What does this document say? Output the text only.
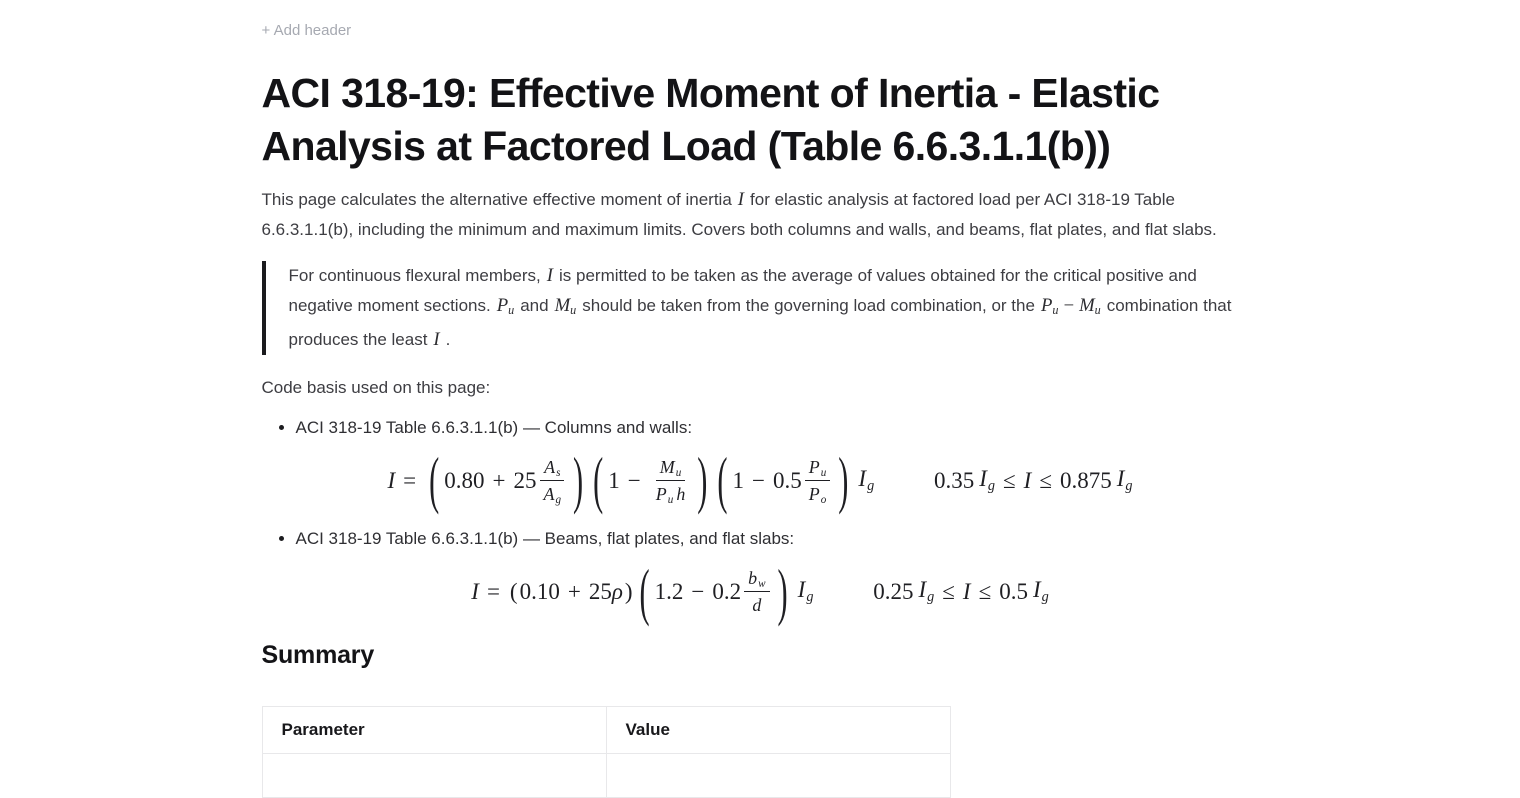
+ Add header
ACI 318-19: Effective Moment of Inertia - Elastic Analysis at Factored Load (Table 6.6.3.1.1(b))

This page calculates the alternative effective moment of inertia I for elastic analysis at factored load per ACI 318-19 Table 6.6.3.1.1(b), including the minimum and maximum limits. Covers both columns and walls, and beams, flat plates, and flat slabs.

For continuous flexural members, I is permitted to be taken as the average of values obtained for the critical positive and negative moment sections. Pu and Mu should be taken from the governing load combination, or the Pu − Mu combination that produces the least I .

Code basis used on this page:

• ACI 318-19 Table 6.6.3.1.1(b) — Columns and walls:
I = ( $0.80 + 25 \frac{As}{Ag}$ ) ( $1 - \frac{Mu}{\text{Pu h}}$ ) ( $1 - 0.5 \frac{Pu}{Po}$ ) Ig
	0.35 Ig ≤ I ≤ 0.875 Ig
• ACI 318-19 Table 6.6.3.1.1(b) — Beams, flat plates, and flat slabs:
I = ( 0.10 + 25ρ ) ( $1.2 - 0.2 \frac{bw}{d}$ ) Ig
	0.25 Ig ≤ I ≤ 0.5 Ig
Summary
Parameter	Value
